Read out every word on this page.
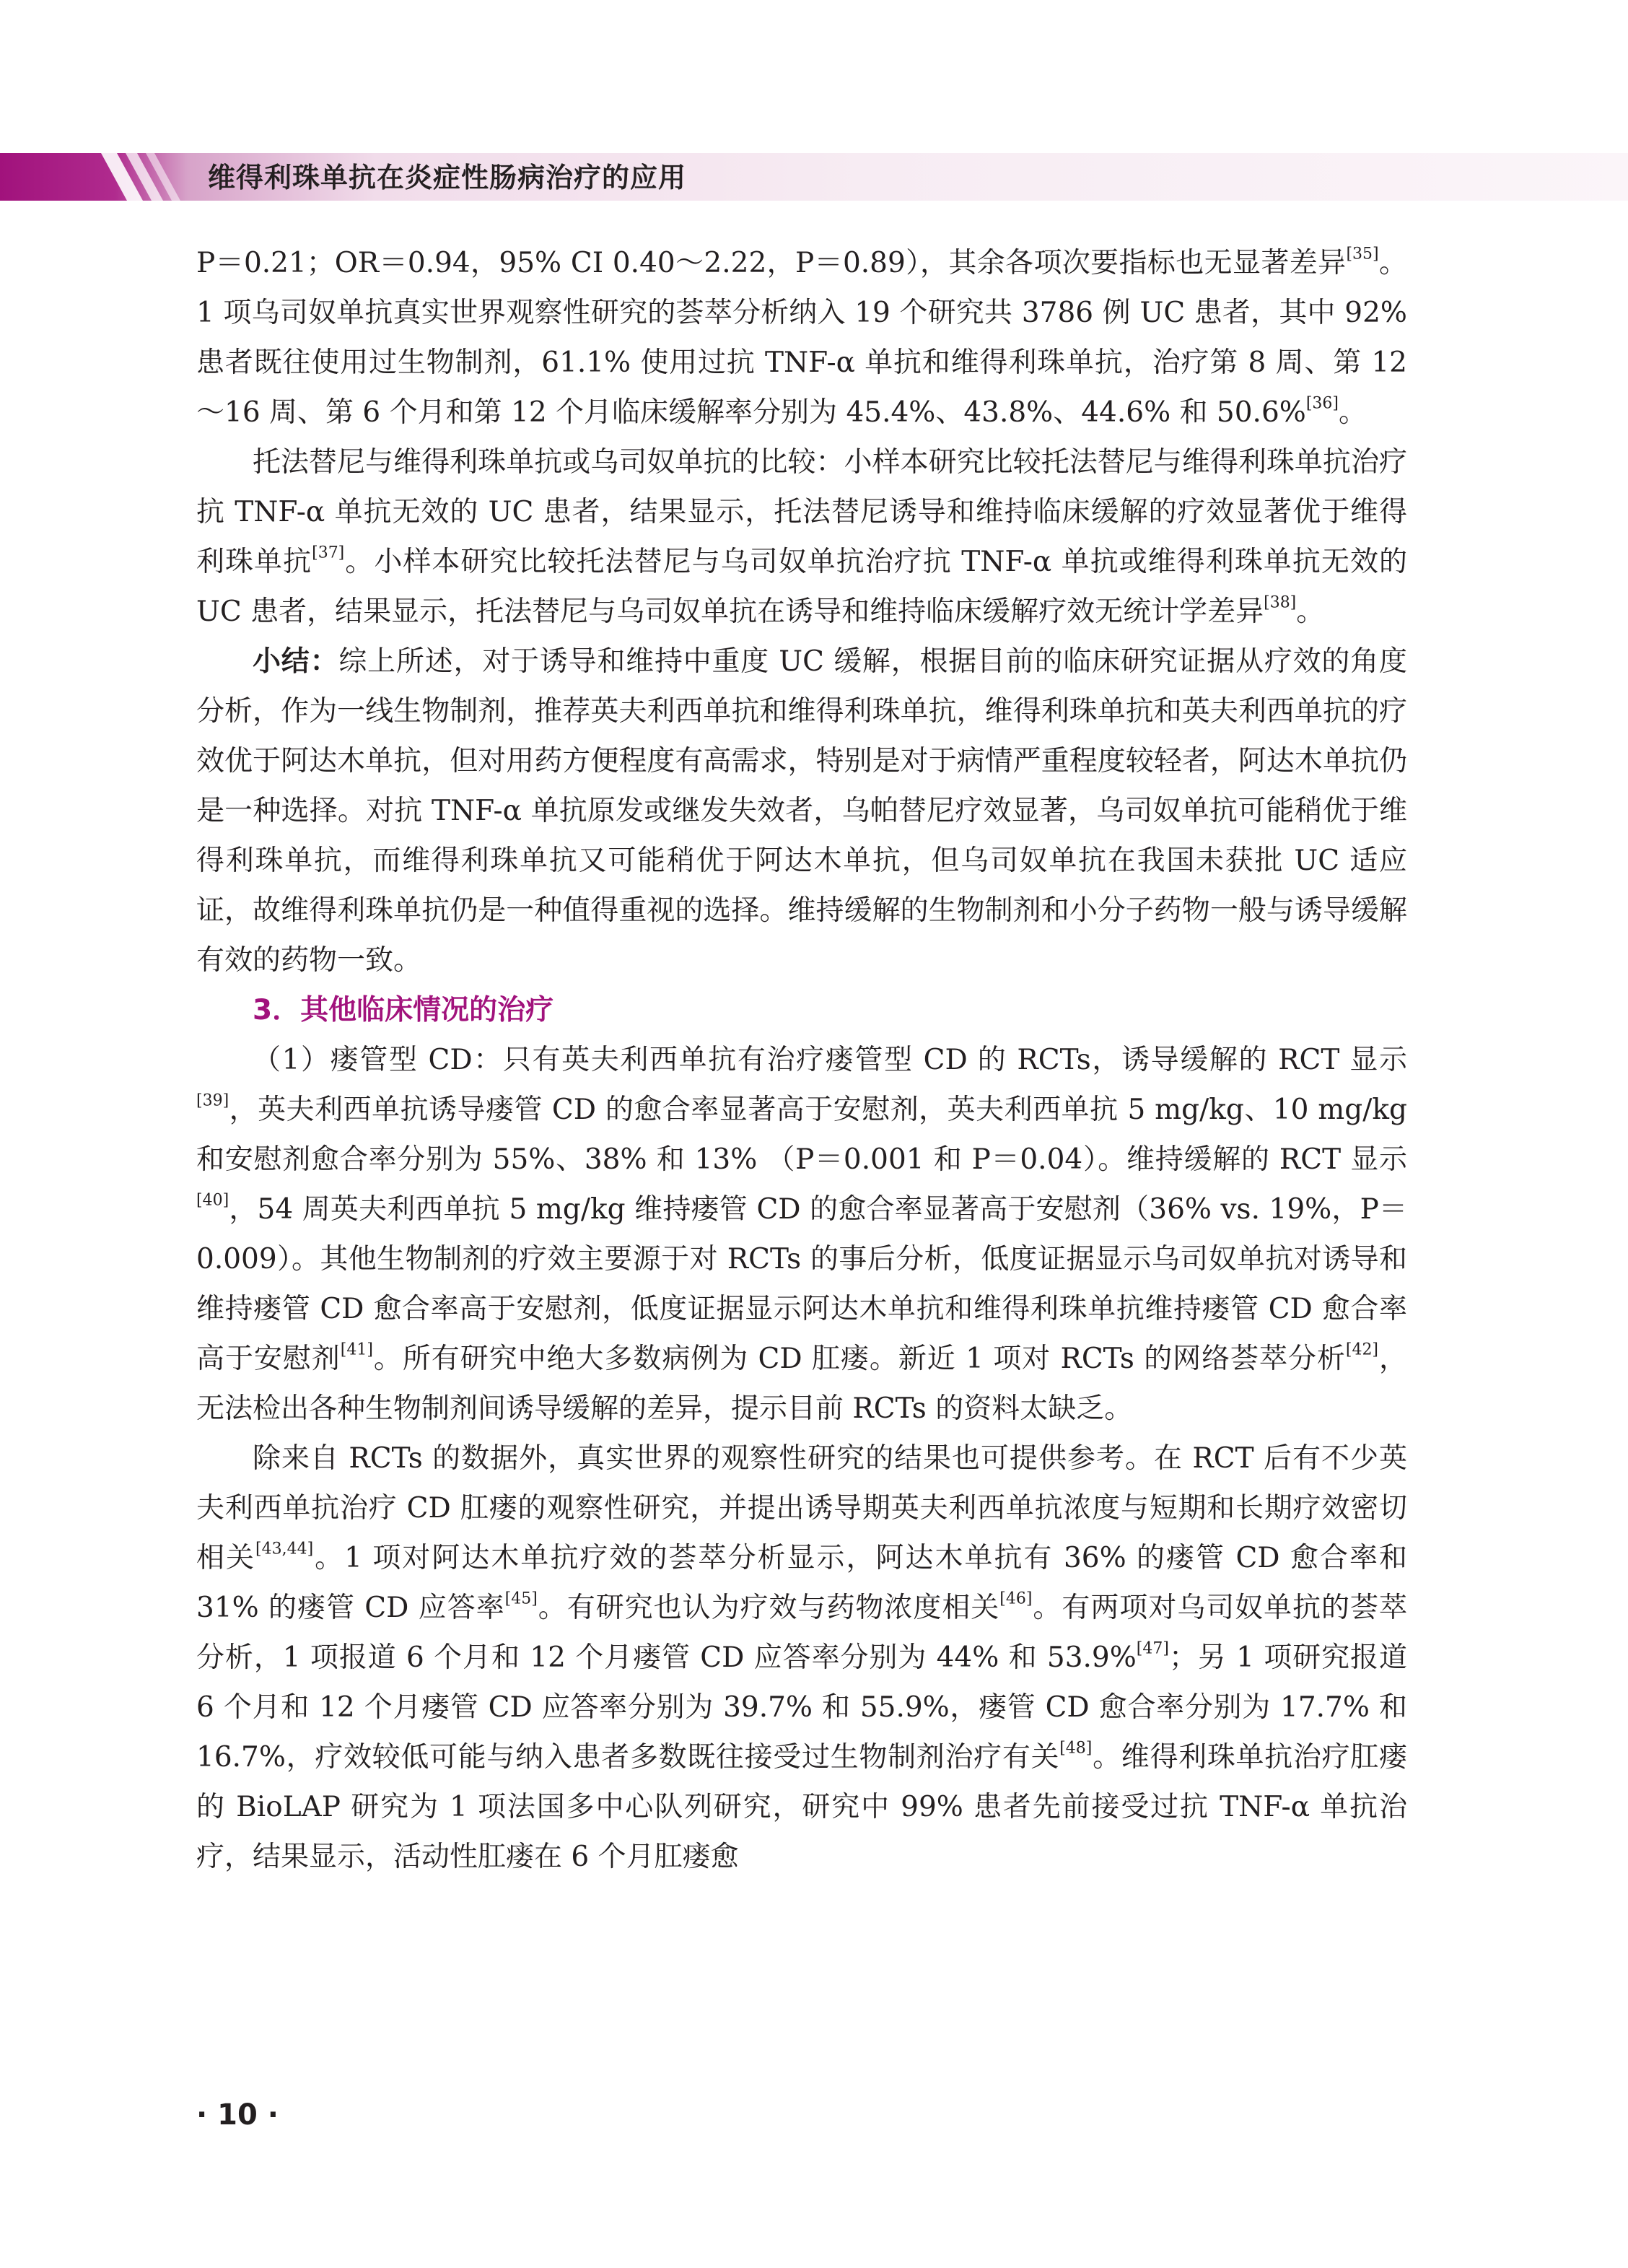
维得利珠单抗在炎症性肠病治疗的应用

P＝0.21；OR＝0.94，95% CI 0.40～2.22，P＝0.89），其余各项次要指标也无显著差异[35]。1 项乌司奴单抗真实世界观察性研究的荟萃分析纳入 19 个研究共 3786 例 UC 患者，其中 92% 患者既往使用过生物制剂，61.1% 使用过抗 TNF-α 单抗和维得利珠单抗，治疗第 8 周、第 12～16 周、第 6 个月和第 12 个月临床缓解率分别为 45.4%、43.8%、44.6% 和 50.6%[36]。

托法替尼与维得利珠单抗或乌司奴单抗的比较：小样本研究比较托法替尼与维得利珠单抗治疗抗 TNF-α 单抗无效的 UC 患者，结果显示，托法替尼诱导和维持临床缓解的疗效显著优于维得利珠单抗[37]。小样本研究比较托法替尼与乌司奴单抗治疗抗 TNF-α 单抗或维得利珠单抗无效的 UC 患者，结果显示，托法替尼与乌司奴单抗在诱导和维持临床缓解疗效无统计学差异[38]。

小结：综上所述，对于诱导和维持中重度 UC 缓解，根据目前的临床研究证据从疗效的角度分析，作为一线生物制剂，推荐英夫利西单抗和维得利珠单抗，维得利珠单抗和英夫利西单抗的疗效优于阿达木单抗，但对用药方便程度有高需求，特别是对于病情严重程度较轻者，阿达木单抗仍是一种选择。对抗 TNF-α 单抗原发或继发失效者，乌帕替尼疗效显著，乌司奴单抗可能稍优于维得利珠单抗，而维得利珠单抗又可能稍优于阿达木单抗，但乌司奴单抗在我国未获批 UC 适应证，故维得利珠单抗仍是一种值得重视的选择。维持缓解的生物制剂和小分子药物一般与诱导缓解有效的药物一致。

3．其他临床情况的治疗

（1）瘘管型 CD：只有英夫利西单抗有治疗瘘管型 CD 的 RCTs，诱导缓解的 RCT 显示[39]，英夫利西单抗诱导瘘管 CD 的愈合率显著高于安慰剂，英夫利西单抗 5 mg/kg、10 mg/kg 和安慰剂愈合率分别为 55%、38% 和 13% （P＝0.001 和 P＝0.04）。维持缓解的 RCT 显示[40]，54 周英夫利西单抗 5 mg/kg 维持瘘管 CD 的愈合率显著高于安慰剂（36% vs. 19%，P＝0.009）。其他生物制剂的疗效主要源于对 RCTs 的事后分析，低度证据显示乌司奴单抗对诱导和维持瘘管 CD 愈合率高于安慰剂，低度证据显示阿达木单抗和维得利珠单抗维持瘘管 CD 愈合率高于安慰剂[41]。所有研究中绝大多数病例为 CD 肛瘘。新近 1 项对 RCTs 的网络荟萃分析[42]，无法检出各种生物制剂间诱导缓解的差异，提示目前 RCTs 的资料太缺乏。

除来自 RCTs 的数据外，真实世界的观察性研究的结果也可提供参考。在 RCT 后有不少英夫利西单抗治疗 CD 肛瘘的观察性研究，并提出诱导期英夫利西单抗浓度与短期和长期疗效密切相关[43,44]。1 项对阿达木单抗疗效的荟萃分析显示，阿达木单抗有 36% 的瘘管 CD 愈合率和 31% 的瘘管 CD 应答率[45]。有研究也认为疗效与药物浓度相关[46]。有两项对乌司奴单抗的荟萃分析，1 项报道 6 个月和 12 个月瘘管 CD 应答率分别为 44% 和 53.9%[47]；另 1 项研究报道 6 个月和 12 个月瘘管 CD 应答率分别为 39.7% 和 55.9%，瘘管 CD 愈合率分别为 17.7% 和 16.7%，疗效较低可能与纳入患者多数既往接受过生物制剂治疗有关[48]。维得利珠单抗治疗肛瘘的 BioLAP 研究为 1 项法国多中心队列研究，研究中 99% 患者先前接受过抗 TNF-α 单抗治疗，结果显示，活动性肛瘘在 6 个月肛瘘愈

· 10 ·
